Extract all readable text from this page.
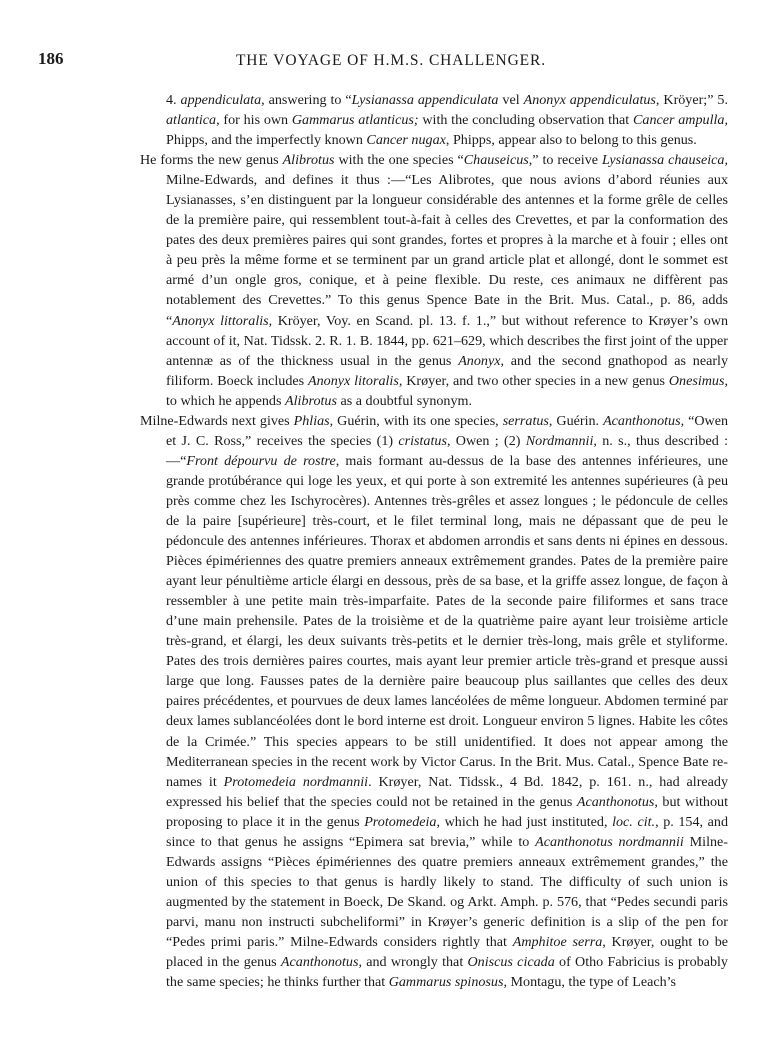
186	THE VOYAGE OF H.M.S. CHALLENGER.

4. appendiculata, answering to “Lysianassa appendiculata vel Anonyx appendiculatus, Kröyer;” 5. atlantica, for his own Gammarus atlanticus; with the concluding observation that Cancer ampulla, Phipps, and the imperfectly known Cancer nugax, Phipps, appear also to belong to this genus.

He forms the new genus Alibrotus with the one species “Chauseicus,” to receive Lysianassa chauseica, Milne-Edwards, and defines it thus :—“Les Alibrotes, que nous avions d’abord réunies aux Lysianasses, s’en distinguent par la longueur considérable des antennes et la forme grêle de celles de la première paire, qui ressemblent tout-à-fait à celles des Crevettes, et par la conformation des pates des deux premières paires qui sont grandes, fortes et propres à la marche et à fouir ; elles ont à peu près la même forme et se terminent par un grand article plat et allongé, dont le sommet est armé d’un ongle gros, conique, et à peine flexible. Du reste, ces animaux ne diffèrent pas notablement des Crevettes.” To this genus Spence Bate in the Brit. Mus. Catal., p. 86, adds “Anonyx littoralis, Kröyer, Voy. en Scand. pl. 13. f. 1.,” but without reference to Krøyer’s own account of it, Nat. Tidssk. 2. R. 1. B. 1844, pp. 621–629, which describes the first joint of the upper antennæ as of the thickness usual in the genus Anonyx, and the second gnathopod as nearly filiform. Boeck includes Anonyx litoralis, Krøyer, and two other species in a new genus Onesimus, to which he appends Alibrotus as a doubtful synonym.

Milne-Edwards next gives Phlias, Guérin, with its one species, serratus, Guérin. Acanthonotus, “Owen et J. C. Ross,” receives the species (1) cristatus, Owen ; (2) Nordmannii, n. s., thus described :—“Front dépourvu de rostre, mais formant au-dessus de la base des antennes inférieures, une grande protúbérance qui loge les yeux, et qui porte à son extremité les antennes supérieures (à peu près comme chez les Ischyrocères). Antennes très-grêles et assez longues ; le pédoncule de celles de la paire [supérieure] très-court, et le filet terminal long, mais ne dépassant que de peu le pédoncule des antennes inférieures. Thorax et abdomen arrondis et sans dents ni épines en dessous. Pièces épimériennes des quatre premiers anneaux extrêmement grandes. Pates de la première paire ayant leur pénultième article élargi en dessous, près de sa base, et la griffe assez longue, de façon à ressembler à une petite main très-imparfaite. Pates de la seconde paire filiformes et sans trace d’une main prehensile. Pates de la troisième et de la quatrième paire ayant leur troisième article très-grand, et élargi, les deux suivants très-petits et le dernier très-long, mais grêle et styliforme. Pates des trois dernières paires courtes, mais ayant leur premier article très-grand et presque aussi large que long. Fausses pates de la dernière paire beaucoup plus saillantes que celles des deux paires précédentes, et pourvues de deux lames lancéolées de même longueur. Abdomen terminé par deux lames sublancéolées dont le bord interne est droit. Longueur environ 5 lignes. Habite les côtes de la Crimée.” This species appears to be still unidentified. It does not appear among the Mediterranean species in the recent work by Victor Carus. In the Brit. Mus. Catal., Spence Bate re-names it Protomedeia nordmannii. Krøyer, Nat. Tidssk., 4 Bd. 1842, p. 161. n., had already expressed his belief that the species could not be retained in the genus Acanthonotus, but without proposing to place it in the genus Protomedeia, which he had just instituted, loc. cit., p. 154, and since to that genus he assigns “Epimera sat brevia,” while to Acanthonotus nordmannii Milne-Edwards assigns “Pièces épimériennes des quatre premiers anneaux extrêmement grandes,” the union of this species to that genus is hardly likely to stand. The difficulty of such union is augmented by the statement in Boeck, De Skand. og Arkt. Amph. p. 576, that “Pedes secundi paris parvi, manu non instructi subcheliformi” in Krøyer’s generic definition is a slip of the pen for “Pedes primi paris.” Milne-Edwards considers rightly that Amphitoe serra, Krøyer, ought to be placed in the genus Acanthonotus, and wrongly that Oniscus cicada of Otho Fabricius is probably the same species; he thinks further that Gammarus spinosus, Montagu, the type of Leach’s
